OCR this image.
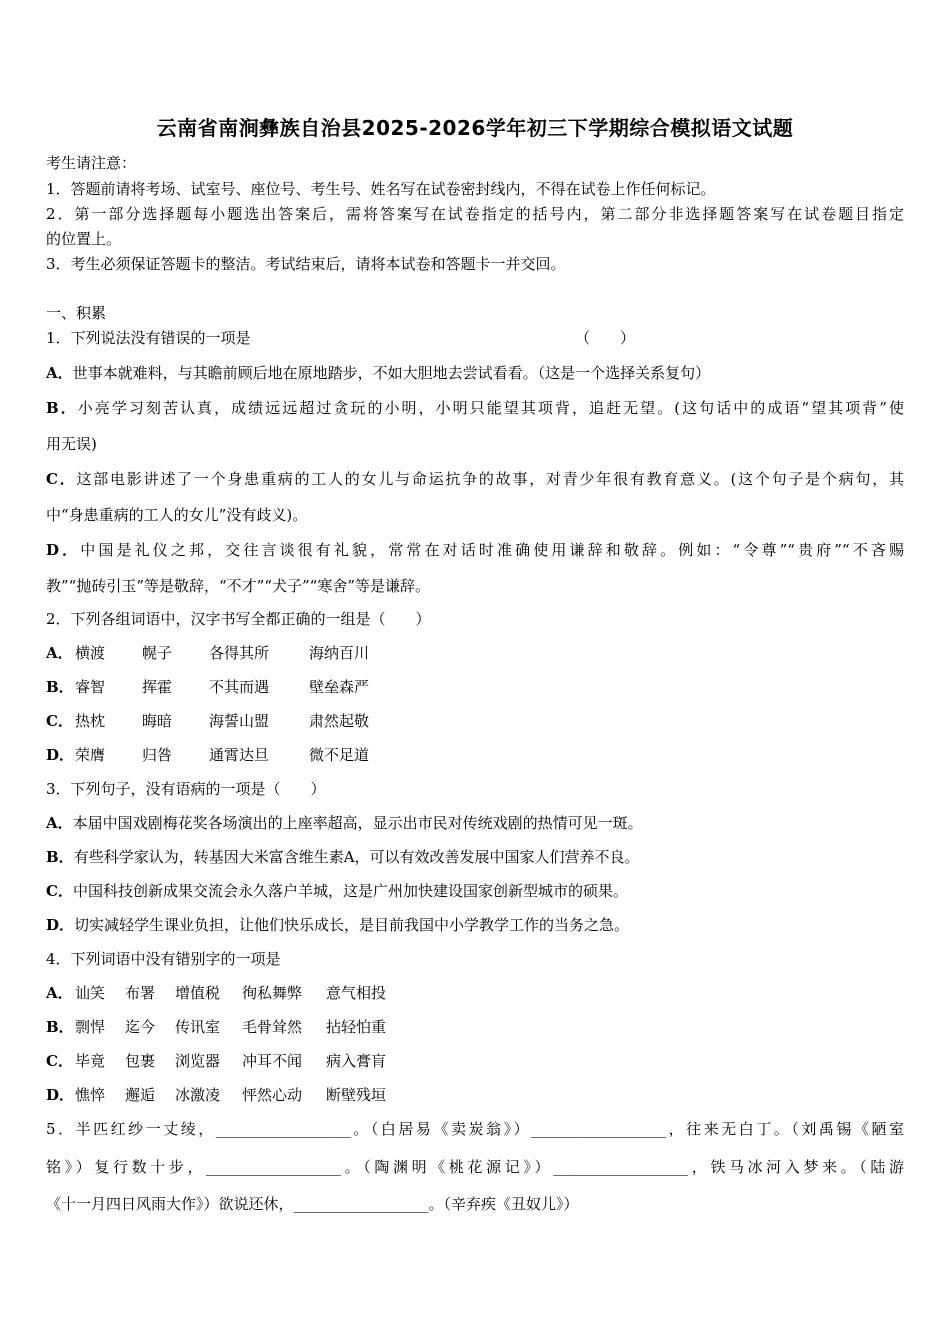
云南省南涧彝族自治县2025-2026学年初三下学期综合模拟语文试题
考生请注意：
1．答题前请将考场、试室号、座位号、考生号、姓名写在试卷密封线内，不得在试卷上作任何标记。
2．第一部分选择题每小题选出答案后，需将答案写在试卷指定的括号内，第二部分非选择题答案写在试卷题目指定
的位置上。
3．考生必须保证答题卡的整洁。考试结束后，请将本试卷和答题卡一并交回。
一、积累
1．下列说法没有错误的一项是	（　　）
A．世事本就难料，与其瞻前顾后地在原地踏步，不如大胆地去尝试看看。（这是一个选择关系复句）
B．小亮学习刻苦认真，成绩远远超过贪玩的小明，小明只能望其项背，追赶无望。(这句话中的成语“望其项背”使
用无误)
C．这部电影讲述了一个身患重病的工人的女儿与命运抗争的故事，对青少年很有教育意义。(这个句子是个病句，其
中“身患重病的工人的女儿”没有歧义)。
D．中国是礼仪之邦，交往言谈很有礼貌，常常在对话时准确使用谦辞和敬辞。例如：“令尊”“贵府”“不吝赐
教”“抛砖引玉”等是敬辞，“不才”“犬子”“寒舍”等是谦辞。
2．下列各组词语中，汉字书写全都正确的一组是（　　）
A． 横渡	幌子	各得其所	海纳百川
B． 睿智	挥霍	不其而遇	壁垒森严
C． 热枕	晦暗	海誓山盟	肃然起敬
D． 荣膺	归咎	通霄达旦	微不足道
3．下列句子，没有语病的一项是（　　）
A．本届中国戏剧梅花奖各场演出的上座率超高，显示出市民对传统戏剧的热情可见一斑。
B．有些科学家认为，转基因大米富含维生素A，可以有效改善发展中国家人们营养不良。
C．中国科技创新成果交流会永久落户羊城，这是广州加快建设国家创新型城市的硕果。
D．切实减轻学生课业负担，让他们快乐成长，是目前我国中小学教学工作的当务之急。
4．下列词语中没有错别字的一项是
A． 讪笑	布署	增值税	徇私舞弊	意气相投
B． 剽悍	迄今	传讯室	毛骨耸然	拈轻怕重
C． 毕竟	包裹	浏览器	冲耳不闻	病入膏肓
D． 憔悴	邂逅	冰激凌	怦然心动	断壁残垣
5．半匹红纱一丈绫，__________________。（白居易《卖炭翁》）__________________，往来无白丁。（刘禹锡《陋室
铭》）复行数十步，__________________。（陶渊明《桃花源记》）__________________，铁马冰河入梦来。（陆游
《十一月四日风雨大作》）欲说还休，__________________。（辛弃疾《丑奴儿》）
